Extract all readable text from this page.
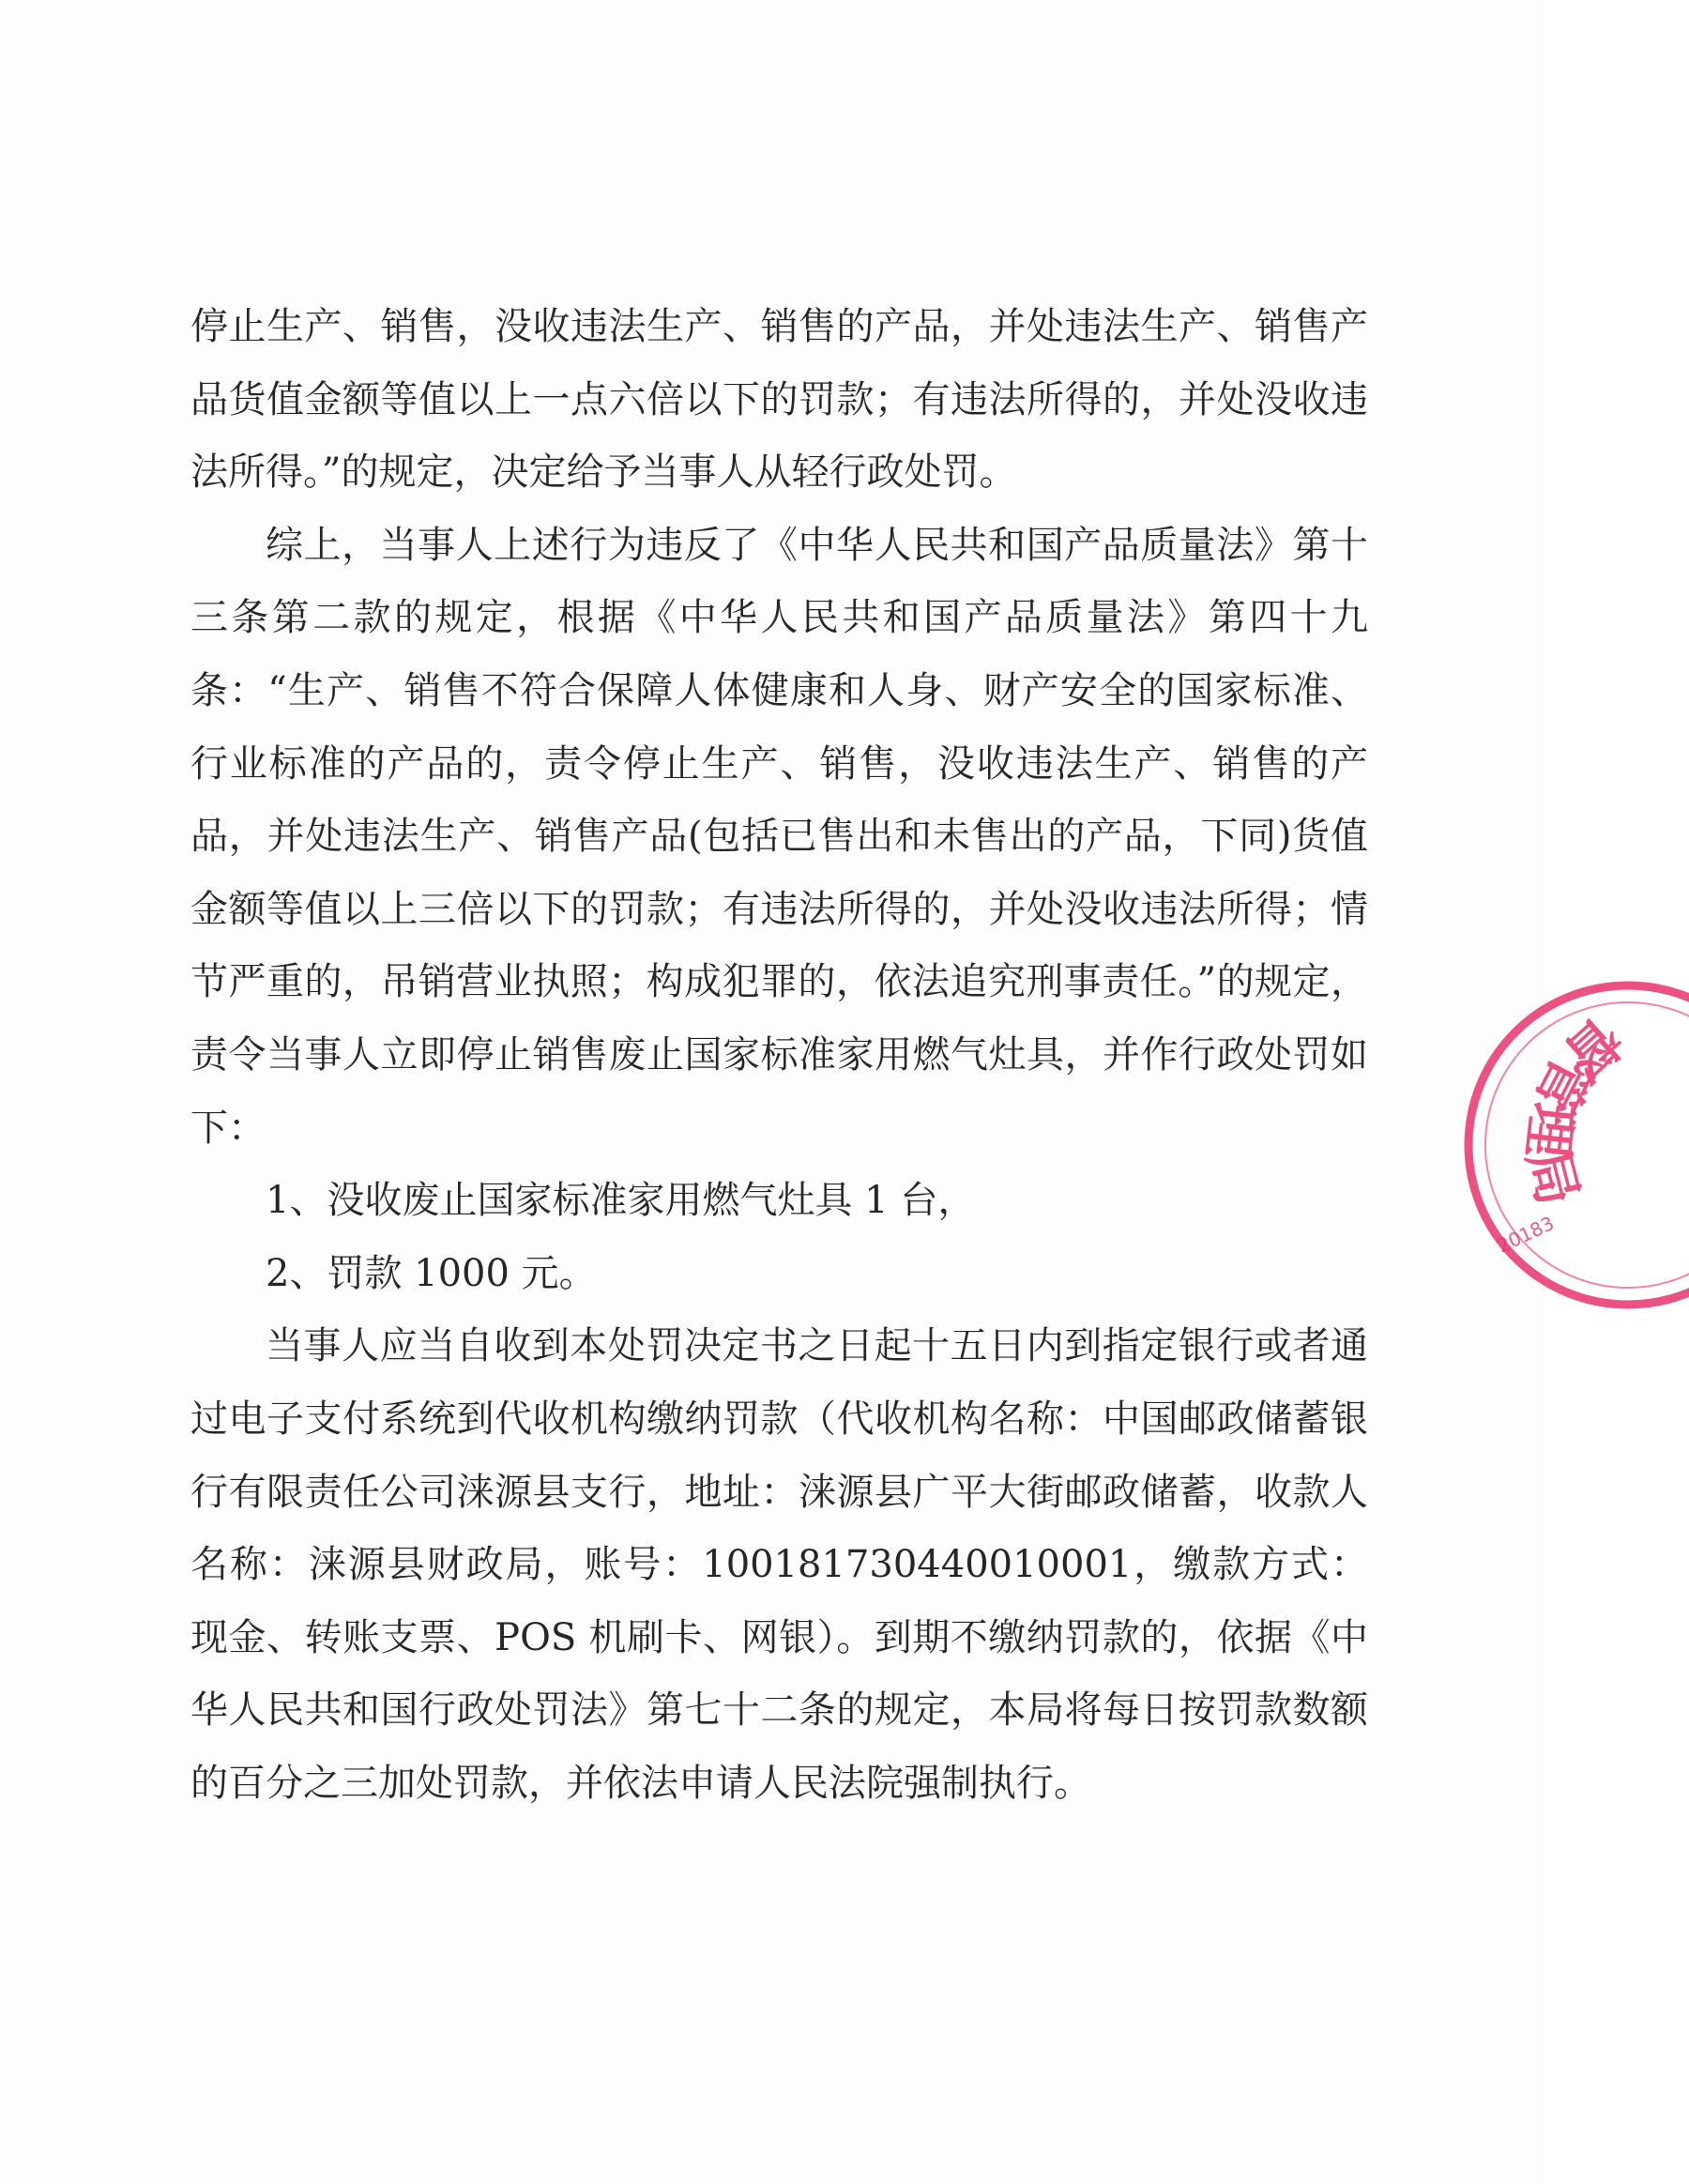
停止生产、销售，没收违法生产、销售的产品，并处违法生产、销售产品货值金额等值以上一点六倍以下的罚款；有违法所得的，并处没收违法所得。”的规定，决定给予当事人从轻行政处罚。

综上，当事人上述行为违反了《中华人民共和国产品质量法》第十三条第二款的规定，根据《中华人民共和国产品质量法》第四十九条：“生产、销售不符合保障人体健康和人身、财产安全的国家标准、行业标准的产品的，责令停止生产、销售，没收违法生产、销售的产品，并处违法生产、销售产品(包括已售出和未售出的产品，下同)货值金额等值以上三倍以下的罚款；有违法所得的，并处没收违法所得；情节严重的，吊销营业执照；构成犯罪的，依法追究刑事责任。”的规定，责令当事人立即停止销售废止国家标准家用燃气灶具，并作行政处罚如下：

1、没收废止国家标准家用燃气灶具 1 台，

2、罚款 1000 元。

当事人应当自收到本处罚决定书之日起十五日内到指定银行或者通过电子支付系统到代收机构缴纳罚款（代收机构名称：中国邮政储蓄银行有限责任公司涞源县支行，地址：涞源县广平大街邮政储蓄，收款人名称：涞源县财政局，账号：100181730440010001，缴款方式：现金、转账支票、POS 机刷卡、网银）。到期不缴纳罚款的，依据《中华人民共和国行政处罚法》第七十二条的规定，本局将每日按罚款数额的百分之三加处罚款，并依法申请人民法院强制执行。

督管理局
20183
